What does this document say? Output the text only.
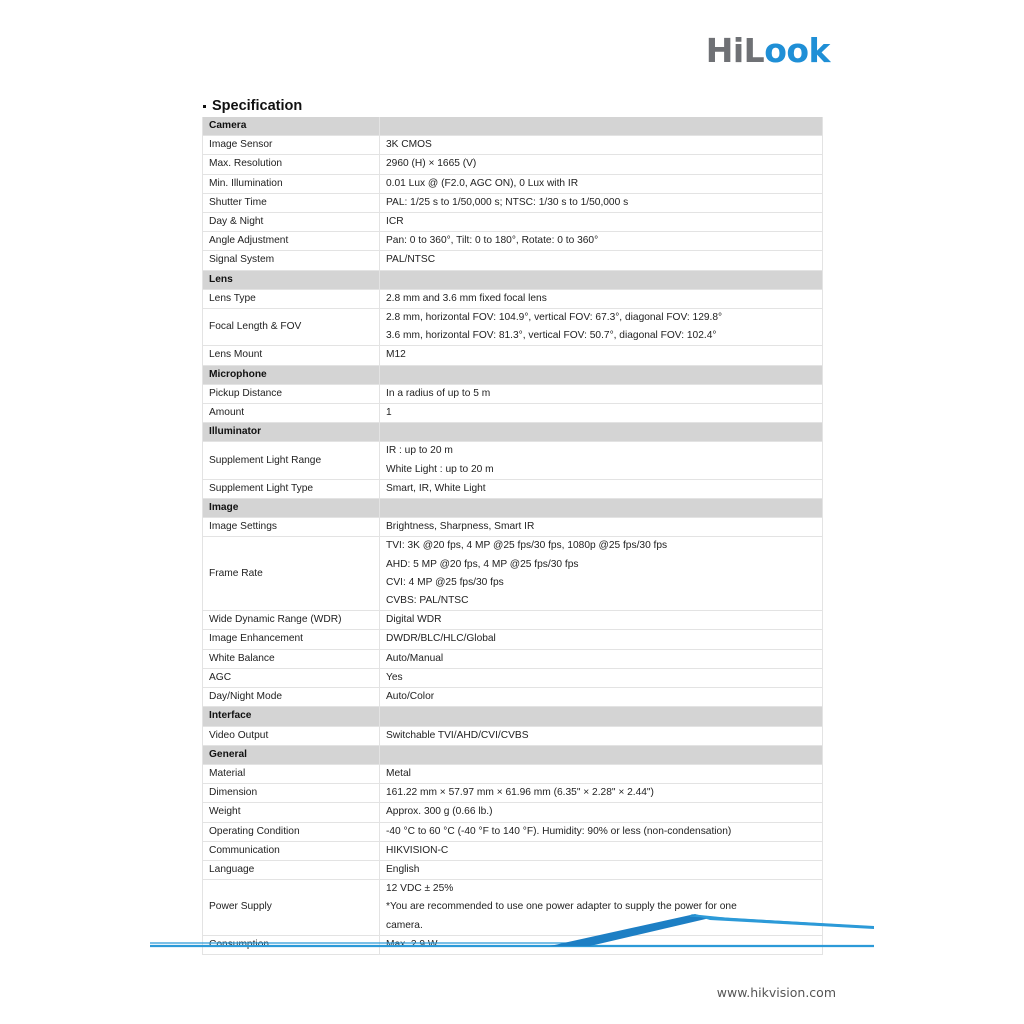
Hi L ook
Specification
Camera	
Image Sensor	3K CMOS

Max. Resolution	2960 (H) × 1665 (V)

Min. Illumination	0.01 Lux @ (F2.0, AGC ON), 0 Lux with IR

Shutter Time	PAL: 1/25 s to 1/50,000 s; NTSC: 1/30 s to 1/50,000 s

Day & Night	ICR

Angle Adjustment	Pan: 0 to 360°, Tilt: 0 to 180°, Rotate: 0 to 360°

Signal System	PAL/NTSC

Lens	
Lens Type	2.8 mm and 3.6 mm fixed focal lens

Focal Length & FOV	2.8 mm, horizontal FOV: 104.9°, vertical FOV: 67.3°, diagonal FOV: 129.8°
3.6 mm, horizontal FOV: 81.3°, vertical FOV: 50.7°, diagonal FOV: 102.4°

Lens Mount	M12

Microphone	
Pickup Distance	In a radius of up to 5 m

Amount	1

Illuminator	
Supplement Light Range	IR : up to 20 m
White Light : up to 20 m

Supplement Light Type	Smart, IR, White Light

Image	
Image Settings	Brightness, Sharpness, Smart IR

Frame Rate	TVI: 3K @20 fps, 4 MP @25 fps/30 fps, 1080p @25 fps/30 fps
AHD: 5 MP @20 fps, 4 MP @25 fps/30 fps
CVI: 4 MP @25 fps/30 fps
CVBS: PAL/NTSC

Wide Dynamic Range (WDR)	Digital WDR

Image Enhancement	DWDR/BLC/HLC/Global

White Balance	Auto/Manual

AGC	Yes

Day/Night Mode	Auto/Color

Interface	
Video Output	Switchable TVI/AHD/CVI/CVBS

General	
Material	Metal

Dimension	161.22 mm × 57.97 mm × 61.96 mm (6.35" × 2.28" × 2.44")

Weight	Approx. 300 g (0.66 lb.)

Operating Condition	-40 °C to 60 °C (-40 °F to 140 °F). Humidity: 90% or less (non-condensation)

Communication	HIKVISION-C

Language	English

Power Supply	12 VDC ± 25%
*You are recommended to use one power adapter to supply the power for one
camera.

Consumption	Max. 2.9 W
www.hikvision.com
